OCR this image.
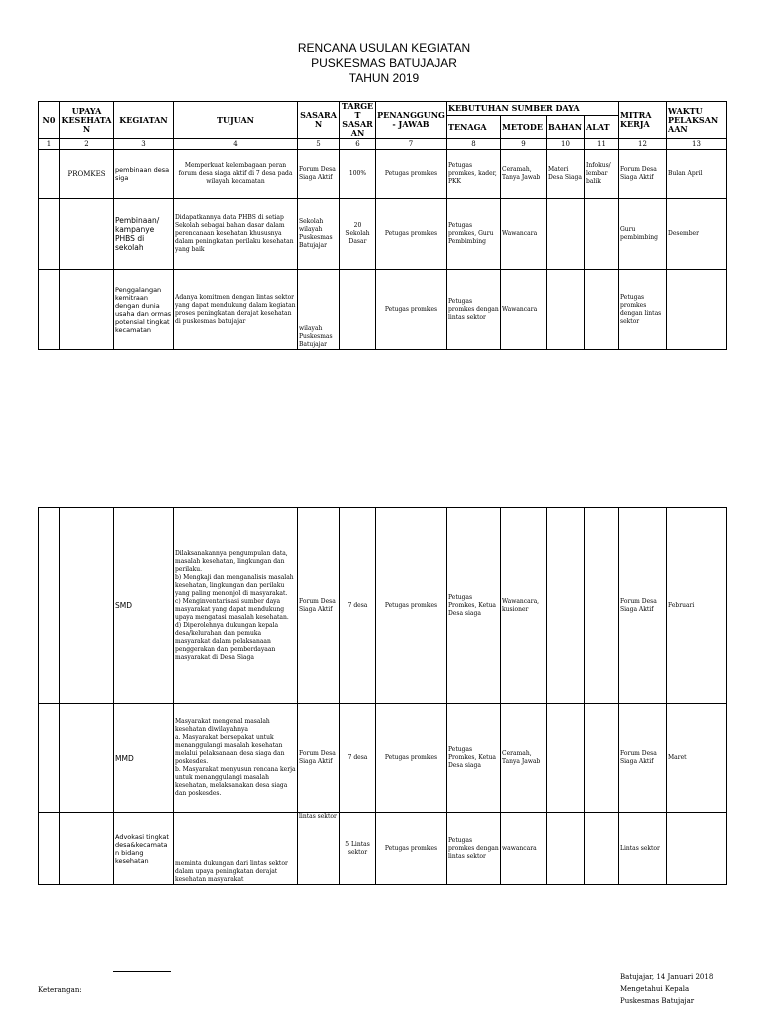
RENCANA USULAN KEGIATAN
PUSKESMAS BATUJAJAR
TAHUN 2019
N0	UPAYA KESEHATA N	KEGIATAN	TUJUAN	SASARA N	TARGE T SASAR AN	PENANGGUNG- JAWAB	KEBUTUHAN SUMBER DAYA				MITRA KERJA	WAKTU PELAKSAN AAN
							TENAGA	METODE	BAHAN	ALAT		
1	2	3	4	5	6	7	8	9	10	11	12	13
	PROMKES	pembinaan desa siga	Memperkuat kelembagaan peran forum desa siaga aktif di 7 desa pada wilayah kecamatan	Forum Desa Siaga Aktif	100%	Petugas promkes	Petugas promkes, kader, PKK	Ceramah, Tanya Jawab	Materi Desa Siaga	Infokus/ lembar balik	Forum Desa Siaga Aktif	Bulan April
		Pembinaan/ kampanye PHBS di sekolah	Didapatkannya data PHBS di setiap Sekolah sebagai bahan dasar dalam perencanaan kesehatan khususnya dalam peningkatan perilaku kesehatan yang baik	Sekolah wilayah Puskesmas Batujajar	20 Sekolah Dasar	Petugas promkes	Petugas promkes, Guru Pembimbing	Wawancara			Guru pembimbing	Desember
		Penggalangan kemitraan dengan dunia usaha dan ormas potensial tingkat kecamatan	Adanya komitmen dengan lintas sektor yang dapat mendukung dalam kegiatan proses peningkatan derajat kesehatan di puskesmas batujajar	wilayah Puskesmas Batujajar		Petugas promkes	Petugas promkes dengan lintas sektor	Wawancara			Petugas promkes dengan lintas sektor	
		SMD	Dilaksanakannya pengumpulan data, masalah kesehatan, lingkungan dan perilaku.
b) Mengkaji dan menganalisis masalah kesehatan, lingkungan dan perilaku yang paling menonjol di masyarakat.
c) Menginventarisasi sumber daya masyarakat yang dapat mendukung upaya mengatasi masalah kesehatan.
d) Diperolehnya dukungan kepala desa/kelurahan dan pemuka masyarakat dalam pelaksanaan penggerakan dan pemberdayaan masyarakat di Desa Siaga	Forum Desa Siaga Aktif	7 desa	Petugas promkes	Petugas Promkes, Ketua Desa siaga	Wawancara, kusioner			Forum Desa Siaga Aktif	Februari
		MMD	Masyarakat mengenal masalah kesehatan diwilayahnya
a. Masyarakat bersepakat untuk menanggulangi masalah kesehatan melalui pelaksanaan desa siaga dan poskesdes.
b. Masyarakat menyusun rencana kerja untuk menanggulangi masalah kesehatan, melaksanakan desa siaga dan poskesdes.	Forum Desa Siaga Aktif	7 desa	Petugas promkes	Petugas Promkes, Ketua Desa siaga	Ceramah, Tanya Jawab			Forum Desa Siaga Aktif	Maret
		Advokasi tingkat desa&kecamata n bidang kesehatan	meminta dukungan dari lintas sektor dalam upaya peningkatan derajat kesehatan masyarakat	lintas sektor	5 Lintas sektor	Petugas promkes	Petugas promkes dengan lintas sektor	wawancara			Lintas sektor	
Keterangan:
Batujajar, 14 Januari 2018
Mengetahui Kepala
Puskesmas Batujajar
